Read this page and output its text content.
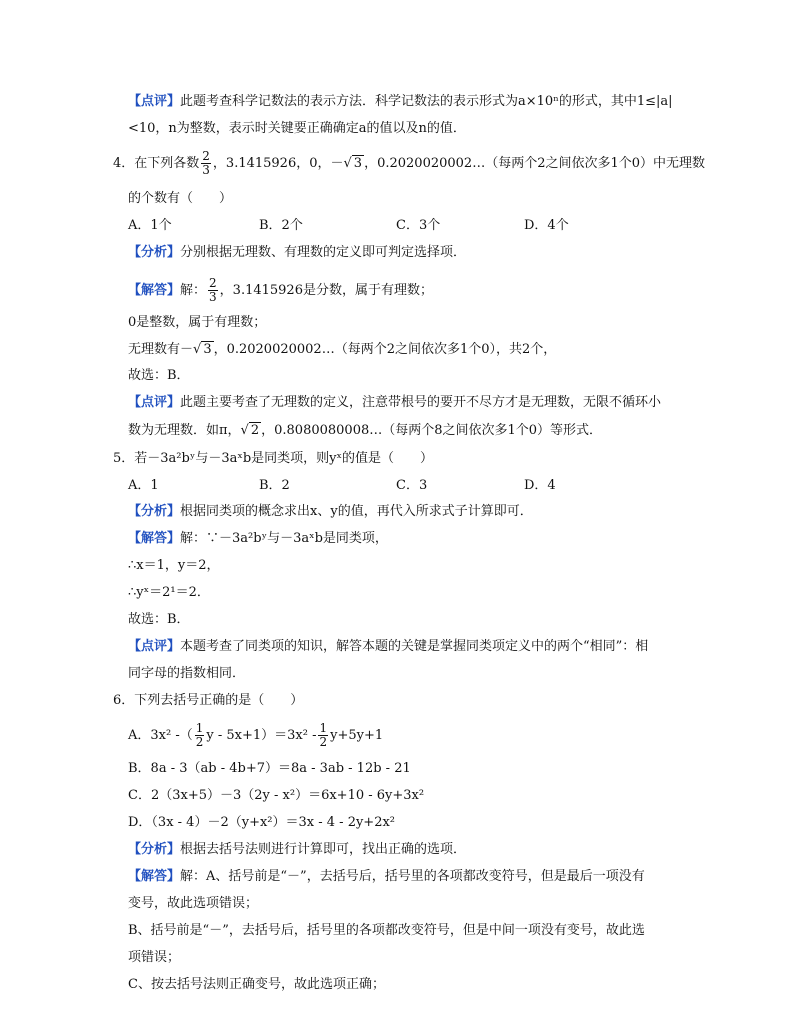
【点评】此题考查科学记数法的表示方法．科学记数法的表示形式为a×10ⁿ的形式，其中1≤|a|
<10，n为整数，表示时关键要正确确定a的值以及n的值．
4．在下列各数 $\frac{2}{3}$ ，3.1415926，0，－√ 3 ，0.2020020002…（每两个2之间依次多1个0）中无理数
的个数有（　　）
A．1个	B．2个	C．3个	D．4个
【分析】分别根据无理数、有理数的定义即可判定选择项．
【解答】解： $\frac{2}{3}$ ，3.1415926是分数，属于有理数；
0是整数，属于有理数；
无理数有－√ 3 ，0.2020020002…（每两个2之间依次多1个0），共2个，
故选：B．
【点评】此题主要考查了无理数的定义，注意带根号的要开不尽方才是无理数，无限不循环小
数为无理数．如π，√ 2 ，0.8080080008…（每两个8之间依次多1个0）等形式．
5．若－3a²bʸ与－3aˣb是同类项，则yˣ的值是（　　）
A．1	B．2	C．3	D．4
【分析】根据同类项的概念求出x、y的值，再代入所求式子计算即可．
【解答】解：∵－3a²bʸ与－3aˣb是同类项，
∴x＝1，y＝2，
∴yˣ＝2¹＝2．
故选：B．
【点评】本题考查了同类项的知识，解答本题的关键是掌握同类项定义中的两个“相同”：相
同字母的指数相同．
6．下列去括号正确的是（　　）
A．3x² -（ $\frac{1}{2}$ $y - 5x+1)=3x^2 - \frac{1}{2} y+5y+1$
B．8a - 3（ab - 4b+7）＝8a - 3ab - 12b - 21
C．2（3x+5）－3（2y - x²）＝6x+10 - 6y+3x²
D．（3x - 4）－2（y+x²）＝3x - 4 - 2y+2x²
【分析】根据去括号法则进行计算即可，找出正确的选项．
【解答】解：A、括号前是“－”，去括号后，括号里的各项都改变符号，但是最后一项没有
变号，故此选项错误；
B、括号前是“－”，去括号后，括号里的各项都改变符号，但是中间一项没有变号，故此选
项错误；
C、按去括号法则正确变号，故此选项正确；
